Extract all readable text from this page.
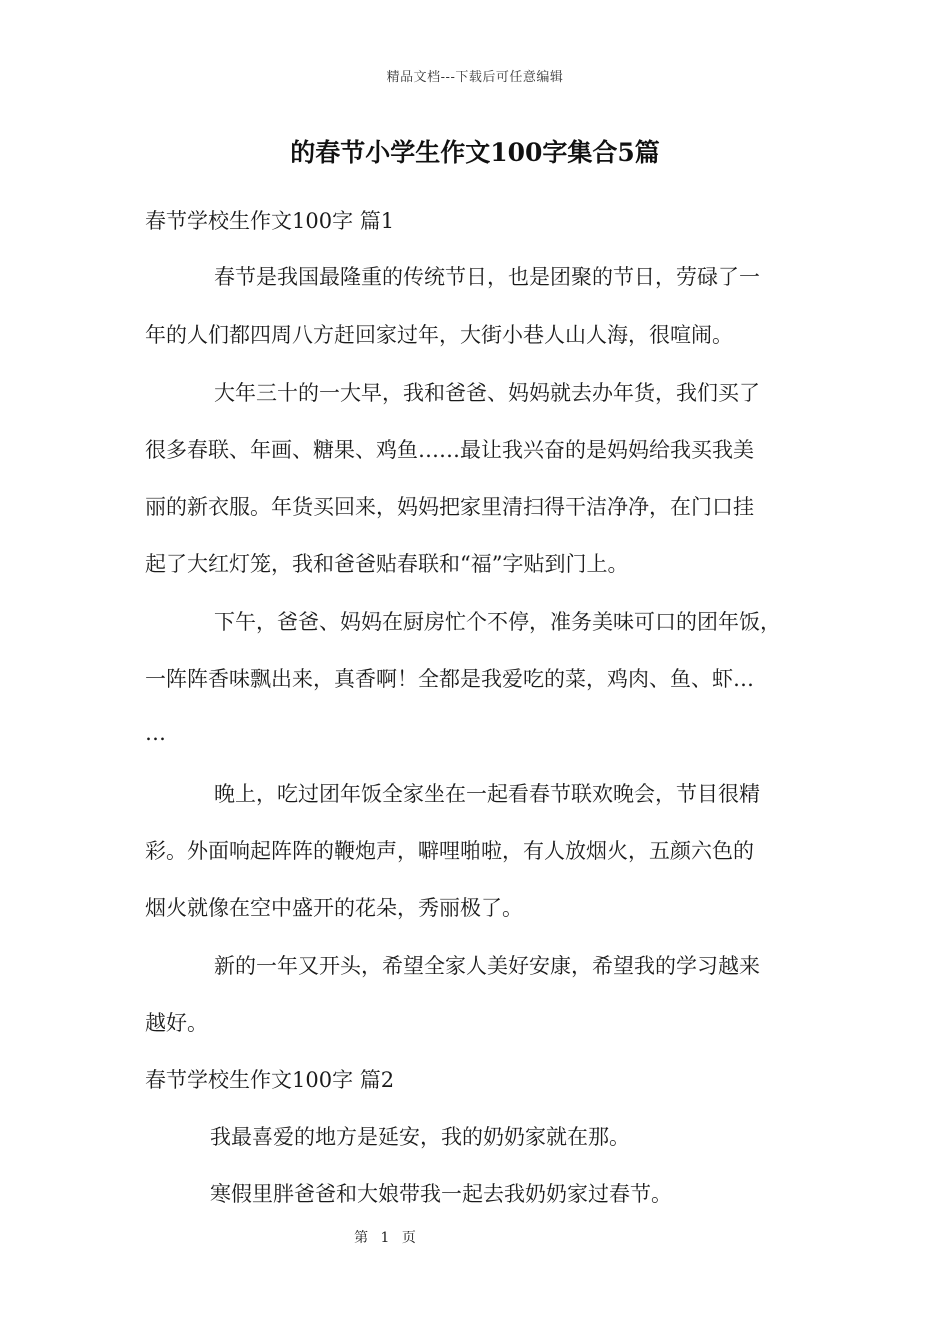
精品文档---下载后可任意编辑
的春节小学生作文100字集合5篇
春节学校生作文100字 篇1
春节是我国最隆重的传统节日，也是团聚的节日，劳碌了一
年的人们都四周八方赶回家过年，大街小巷人山人海，很喧闹。
大年三十的一大早，我和爸爸、妈妈就去办年货，我们买了
很多春联、年画、糖果、鸡鱼……最让我兴奋的是妈妈给我买我美
丽的新衣服。年货买回来，妈妈把家里清扫得干洁净净，在门口挂
起了大红灯笼，我和爸爸贴春联和“福”字贴到门上。
下午，爸爸、妈妈在厨房忙个不停，准务美味可口的团年饭，
一阵阵香味飘出来，真香啊！全都是我爱吃的菜，鸡肉、鱼、虾…
…
晚上，吃过团年饭全家坐在一起看春节联欢晚会，节目很精
彩。外面响起阵阵的鞭炮声，噼哩啪啦，有人放烟火，五颜六色的
烟火就像在空中盛开的花朵，秀丽极了。
新的一年又开头，希望全家人美好安康，希望我的学习越来
越好。
春节学校生作文100字 篇2
我最喜爱的地方是延安，我的奶奶家就在那。
寒假里胖爸爸和大娘带我一起去我奶奶家过春节。
第 1 页
